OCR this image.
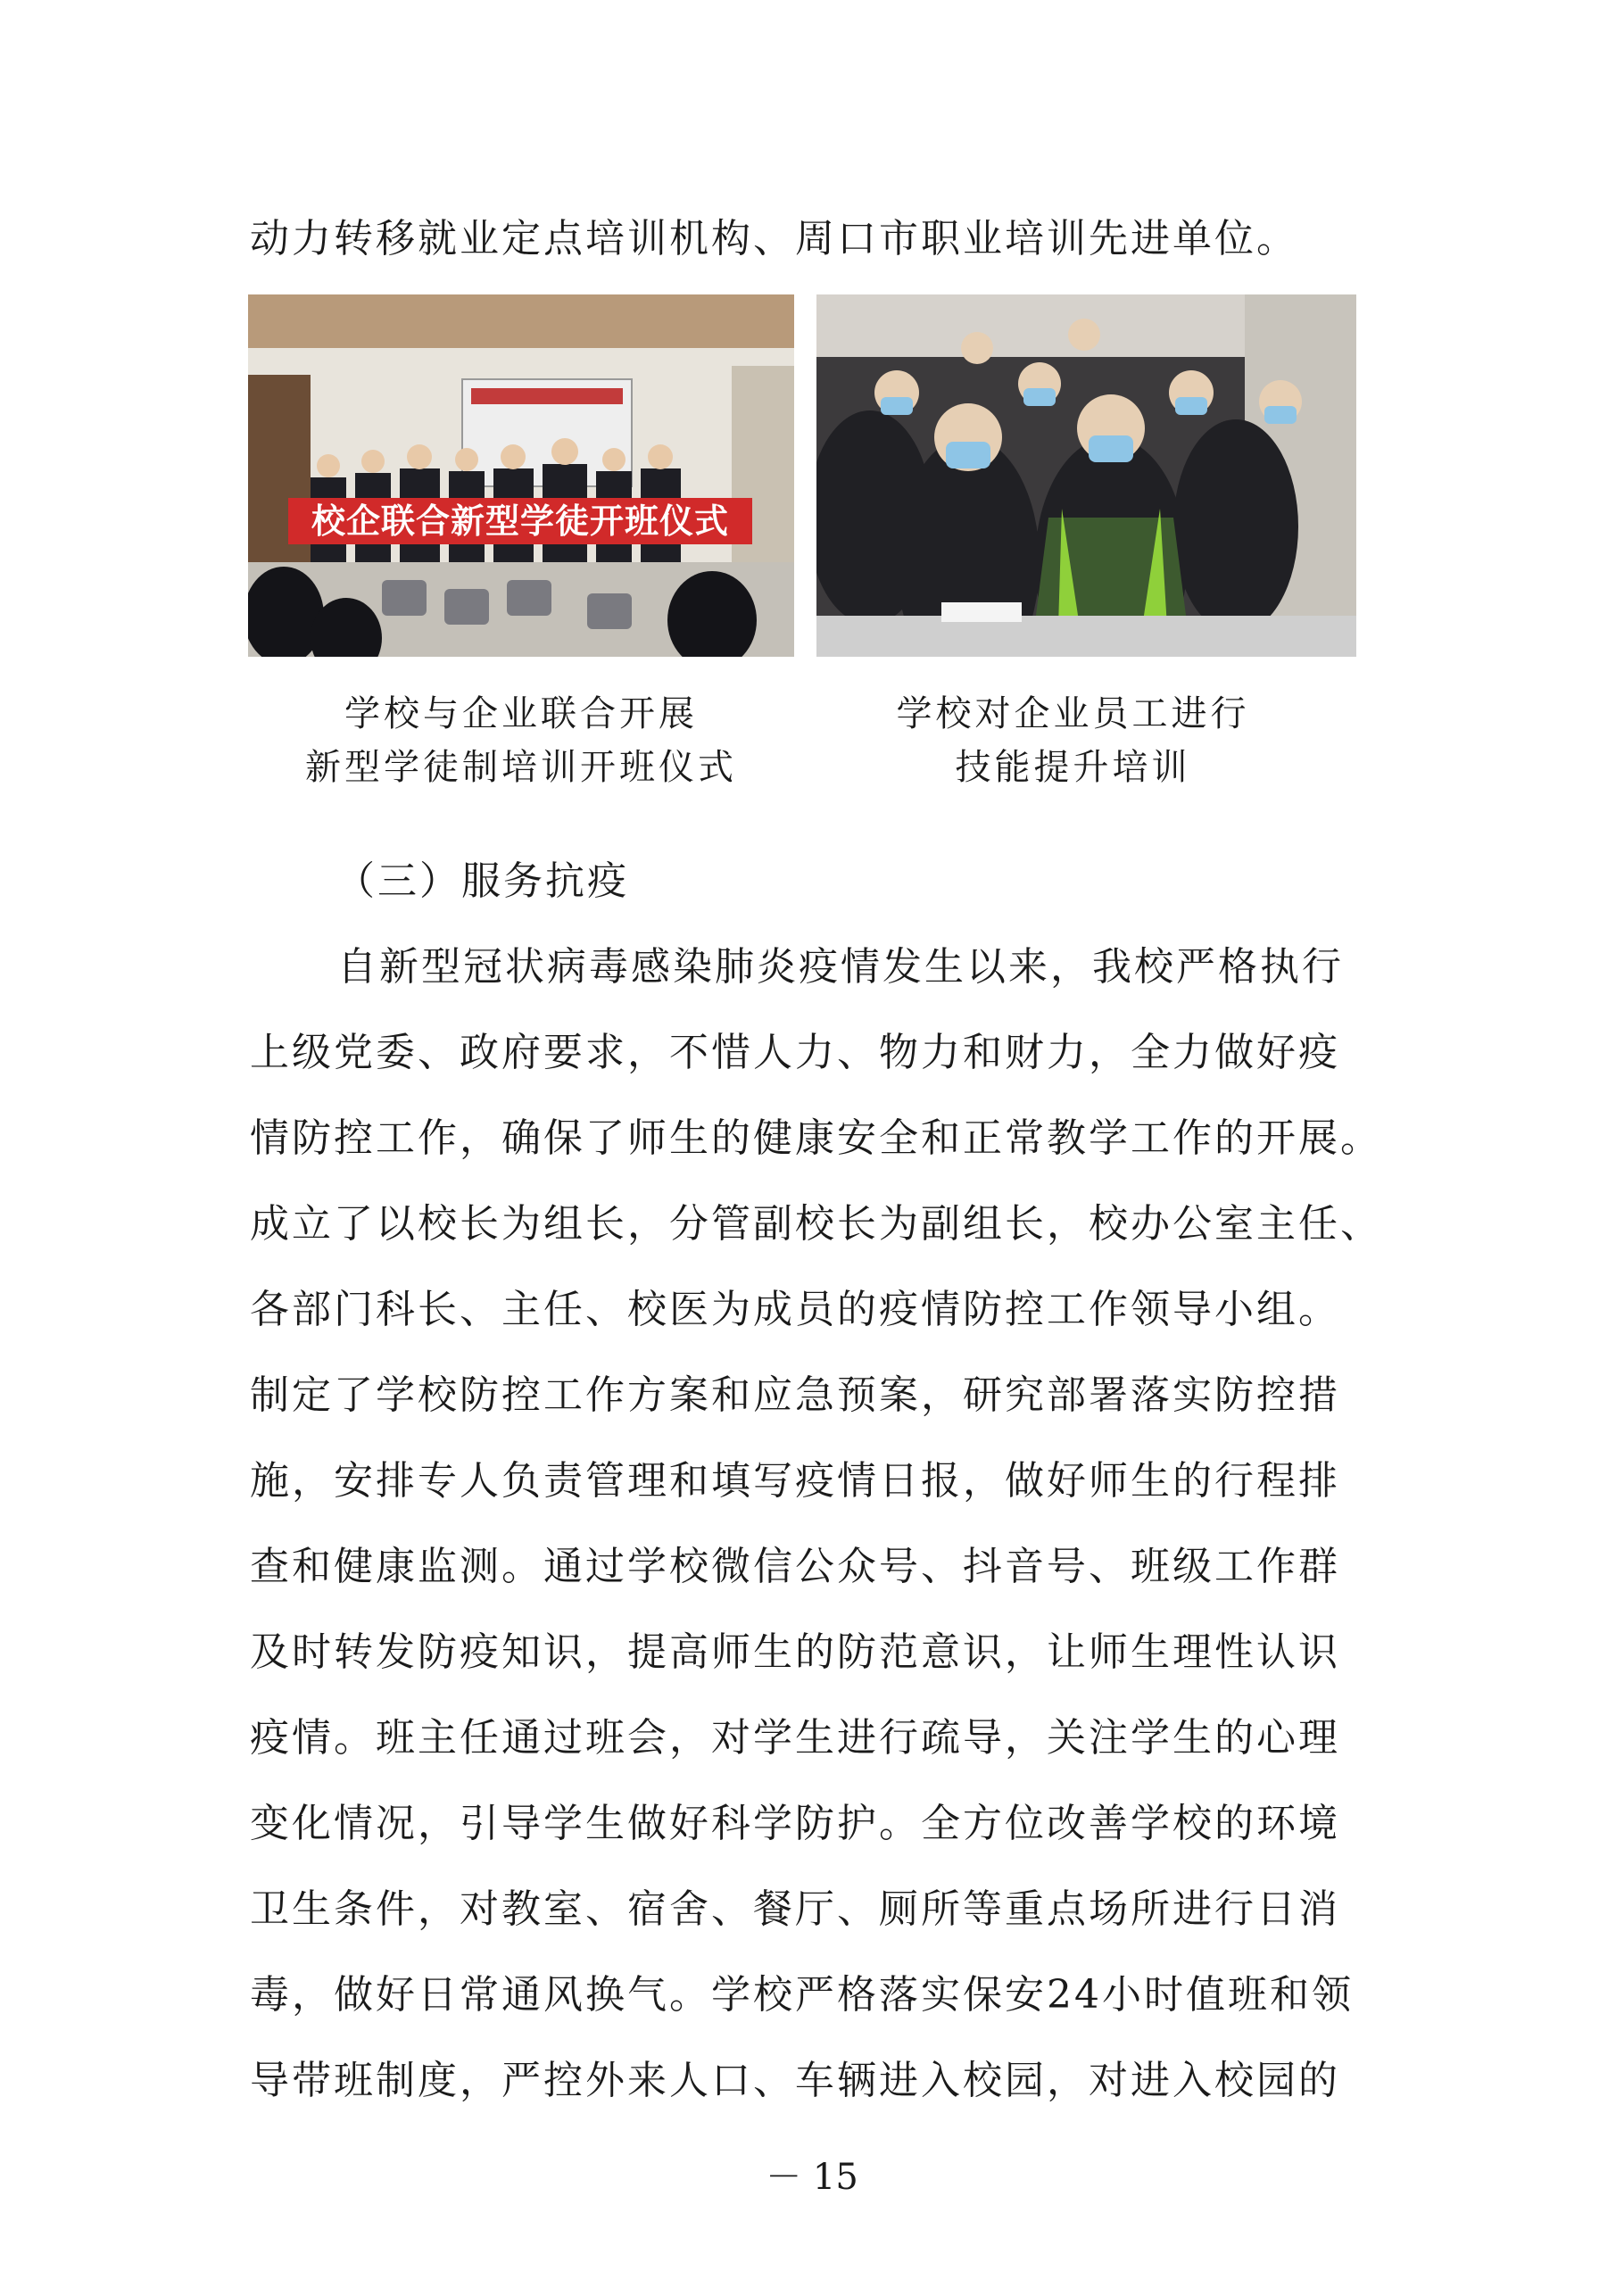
动力转移就业定点培训机构、周口市职业培训先进单位。
校企联合新型学徒开班仪式
学校与企业联合开展
新型学徒制培训开班仪式
学校对企业员工进行
技能提升培训
（三）服务抗疫
自新型冠状病毒感染肺炎疫情发生以来，我校严格执行
上级党委、政府要求，不惜人力、物力和财力，全力做好疫
情防控工作，确保了师生的健康安全和正常教学工作的开展。
成立了以校长为组长，分管副校长为副组长，校办公室主任、
各部门科长、主任、校医为成员的疫情防控工作领导小组。
制定了学校防控工作方案和应急预案，研究部署落实防控措
施，安排专人负责管理和填写疫情日报，做好师生的行程排
查和健康监测。通过学校微信公众号、抖音号、班级工作群
及时转发防疫知识，提高师生的防范意识，让师生理性认识
疫情。班主任通过班会，对学生进行疏导，关注学生的心理
变化情况，引导学生做好科学防护。全方位改善学校的环境
卫生条件，对教室、宿舍、餐厅、厕所等重点场所进行日消
毒，做好日常通风换气。学校严格落实保安24小时值班和领
导带班制度，严控外来人口、车辆进入校园，对进入校园的
－ 15
